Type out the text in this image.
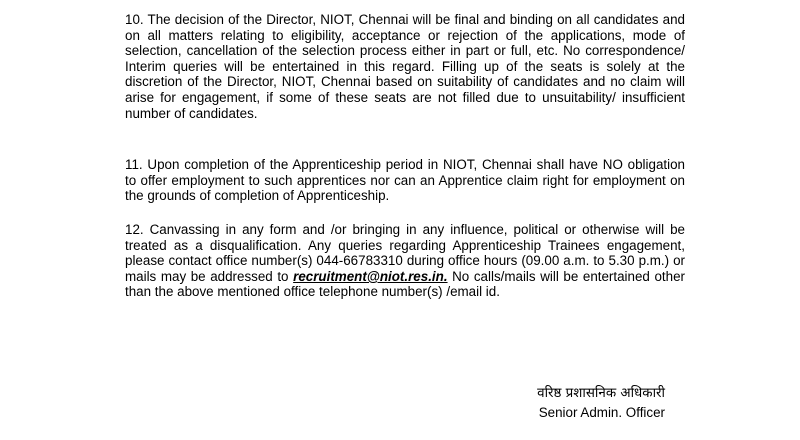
10. The decision of the Director, NIOT, Chennai will be final and binding on all candidates and on all matters relating to eligibility, acceptance or rejection of the applications, mode of selection, cancellation of the selection process either in part or full, etc. No correspondence/ Interim queries will be entertained in this regard. Filling up of the seats is solely at the discretion of the Director, NIOT, Chennai based on suitability of candidates and no claim will arise for engagement, if some of these seats are not filled due to unsuitability/ insufficient number of candidates.

11. Upon completion of the Apprenticeship period in NIOT, Chennai shall have NO obligation to offer employment to such apprentices nor can an Apprentice claim right for employment on the grounds of completion of Apprenticeship.

12. Canvassing in any form and /or bringing in any influence, political or otherwise will be treated as a disqualification. Any queries regarding Apprenticeship Trainees engagement, please contact office number(s) 044-66783310 during office hours (09.00 a.m. to 5.30 p.m.) or mails may be addressed to recruitment@niot.res.in. No calls/mails will be entertained other than the above mentioned office telephone number(s) /email id.

वरिष्ठ प्रशासनिक अधिकारी
Senior Admin. Officer
